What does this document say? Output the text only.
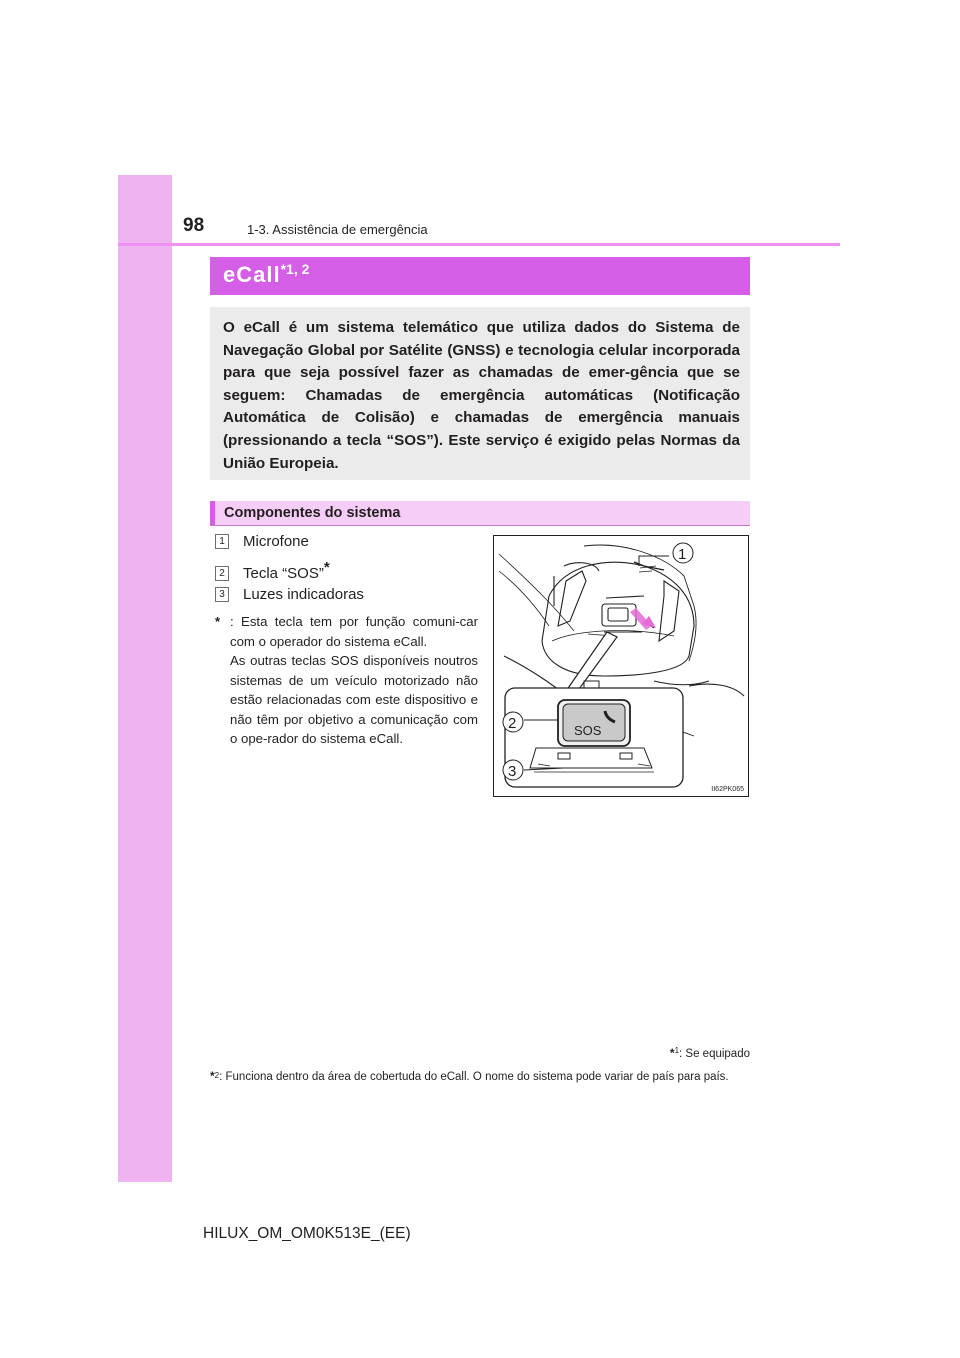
98	1-3. Assistência de emergência
eCall$^{*1, 2}$

O eCall é um sistema telemático que utiliza dados do Sistema de Navegação Global por Satélite (GNSS) e tecnologia celular incorporada para que seja possível fazer as chamadas de emer-gência que se seguem: Chamadas de emergência automáticas (Notificação Automática de Colisão) e chamadas de emergência manuais (pressionando a tecla “SOS”). Este serviço é exigido pelas Normas da União Europeia.

Componentes do sistema
1 Microfone
2 Tecla “SOS”*
3 Luzes indicadoras
* : Esta tecla tem por função comuni-car com o operador do sistema eCall.
As outras teclas SOS disponíveis noutros sistemas de um veículo motorizado não estão relacionadas com este dispositivo e não têm por objetivo a comunicação com o ope-rador do sistema eCall.
SOS
1
2
3
II62PK065
*$^1$: Se equipado
*$^2$: Funciona dentro da área de cobertuda do eCall. O nome do sistema pode variar de país para país.
HILUX_OM_OM0K513E_(EE)
